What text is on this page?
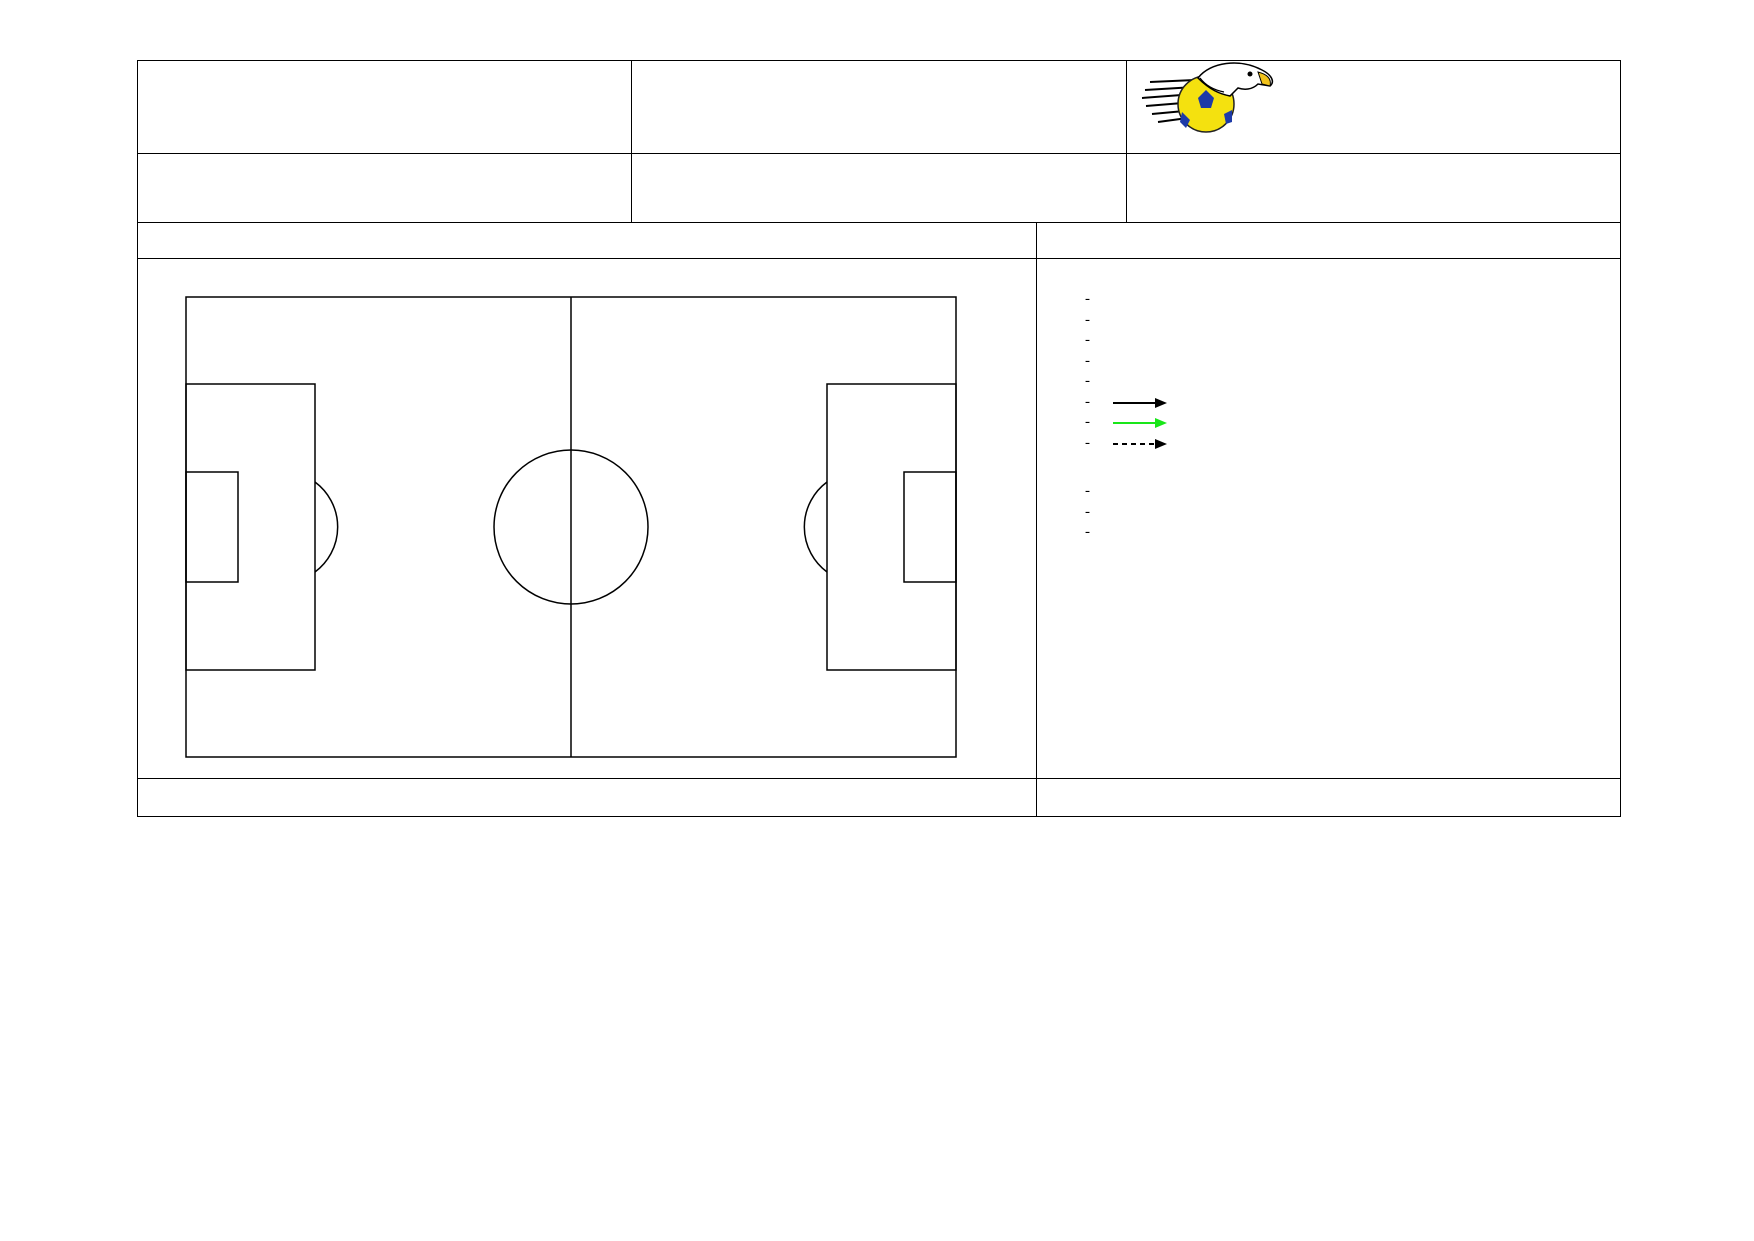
-
-
-
-
-
-
-
-
-
-
-
